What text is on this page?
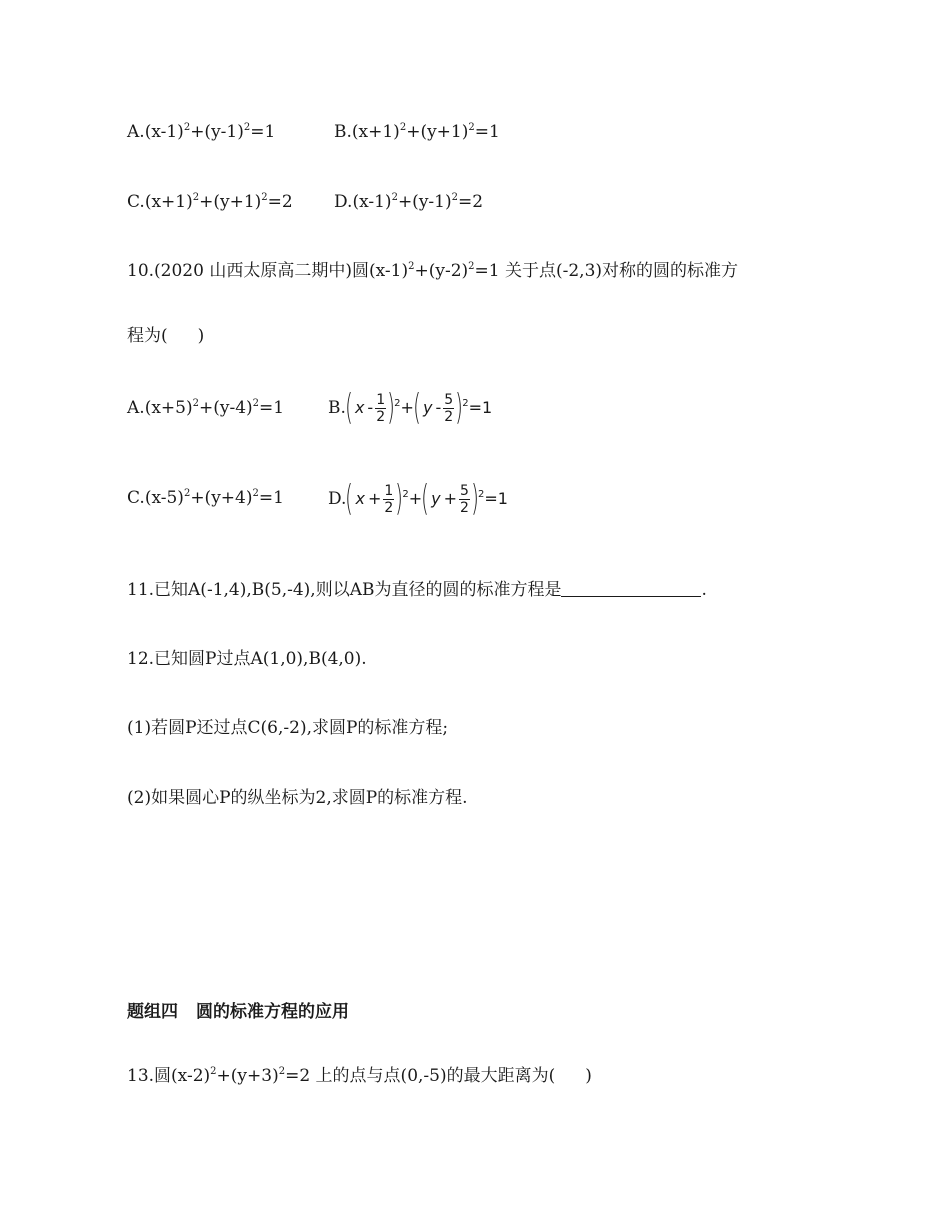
$A.(x-1)^2+(y-1)^2=1$	$B.(x+1)^2+(y+1)^2=1$
$C.(x+1)^2+(y+1)^2=2$ $D.(x-1)^2+(y-1)^2=2$
10.(2020 山西太原高二期中)圆$(x-1)^2+(y-2)^2=1$ 关于点(-2,3)对称的圆的标准方
程为( )
$A.(x+5)^2+(y-4)^2=1$	B. ( x - $\frac{1}{2}$ ) 2 + ( y - $\frac{5}{2}$ ) 2 =1
$C.(x-5)^2+(y+4)^2=1$	D. ( $x + \frac{1}{2}$ ) 2 + ( $y + \frac{5}{2}$ ) 2 =1
11.已知A(-1,4),B(5,-4),则以AB为直径的圆的标准方程是	.
12.已知圆P过点A(1,0),B(4,0).
(1)若圆P还过点C(6,-2),求圆P的标准方程;
(2)如果圆心P的纵坐标为2,求圆P的标准方程.
题组四 圆的标准方程的应用
13.圆$(x-2)^2+(y+3)^2=2$ 上的点与点(0,-5)的最大距离为( )
